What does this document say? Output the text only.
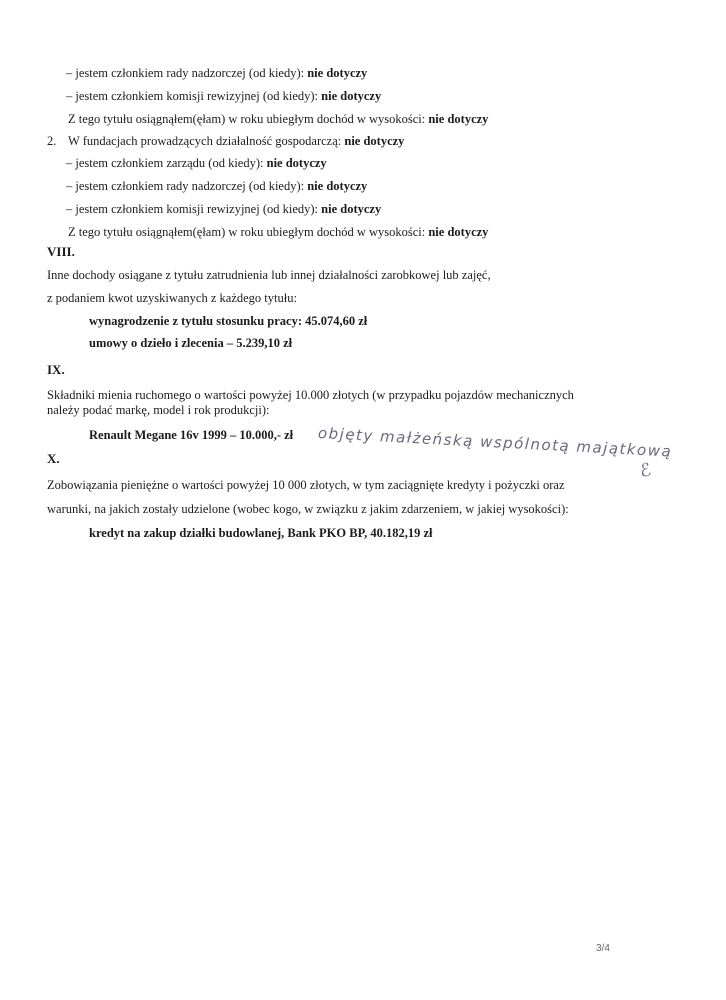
– jestem członkiem rady nadzorczej (od kiedy): nie dotyczy
– jestem członkiem komisji rewizyjnej (od kiedy): nie dotyczy
Z tego tytułu osiągnąłem(ęłam) w roku ubiegłym dochód w wysokości: nie dotyczy
2. W fundacjach prowadzących działalność gospodarczą: nie dotyczy
– jestem członkiem zarządu (od kiedy): nie dotyczy
– jestem członkiem rady nadzorczej (od kiedy): nie dotyczy
– jestem członkiem komisji rewizyjnej (od kiedy): nie dotyczy
Z tego tytułu osiągnąłem(ęłam) w roku ubiegłym dochód w wysokości: nie dotyczy
VIII.
Inne dochody osiągane z tytułu zatrudnienia lub innej działalności zarobkowej lub zajęć,
z podaniem kwot uzyskiwanych z każdego tytułu:
wynagrodzenie z tytułu stosunku pracy: 45.074,60 zł
umowy o dzieło i zlecenia – 5.239,10 zł
IX.
Składniki mienia ruchomego o wartości powyżej 10.000 złotych (w przypadku pojazdów mechanicznych
należy podać markę, model i rok produkcji):
Renault Megane 16v 1999 – 10.000,- zł objęty małżeńską wspólnotą majątkową
ℰ
X.
Zobowiązania pieniężne o wartości powyżej 10 000 złotych, w tym zaciągnięte kredyty i pożyczki oraz
warunki, na jakich zostały udzielone (wobec kogo, w związku z jakim zdarzeniem, w jakiej wysokości):
kredyt na zakup działki budowlanej, Bank PKO BP, 40.182,19 zł
3/4
